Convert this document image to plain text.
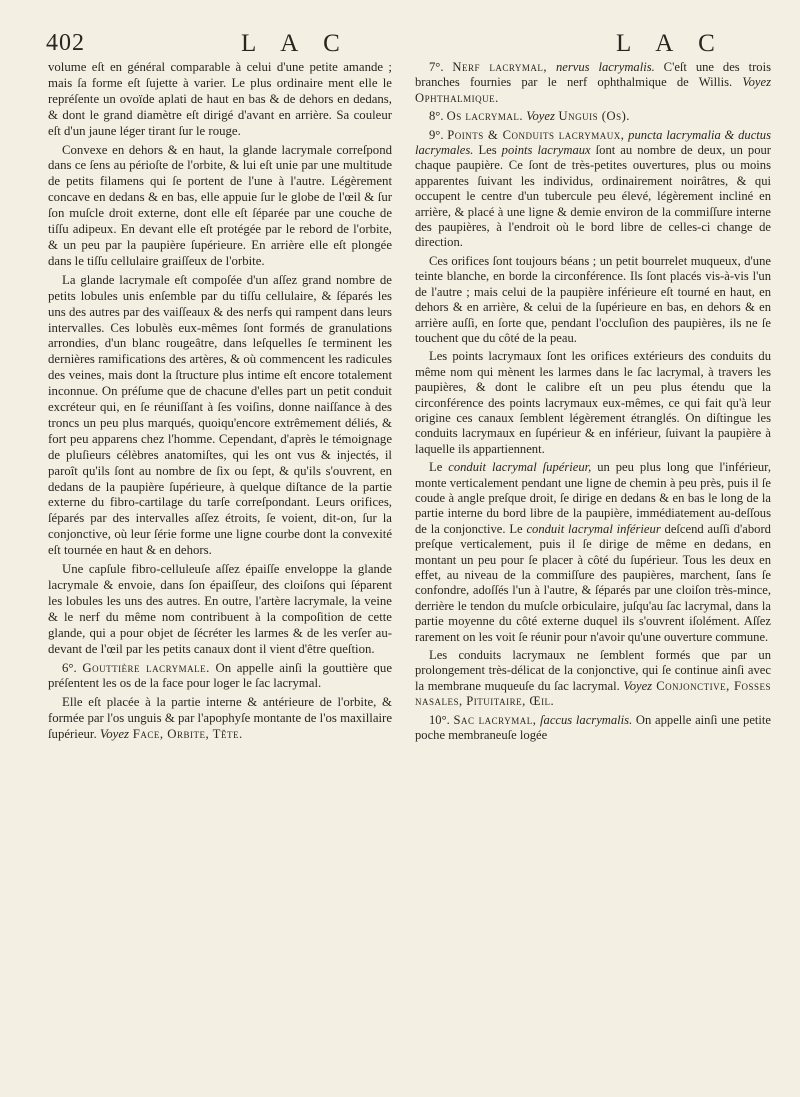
402	L A C	L A C

volume eſt en général comparable à celui d'une petite amande ; mais ſa forme eſt ſujette à varier. Le plus ordinaire ment elle le repréſente un ovoïde aplati de haut en bas & de dehors en dedans, & dont le grand diamètre eſt dirigé d'avant en arrière. Sa couleur eſt d'un jaune léger tirant ſur le rouge.

Convexe en dehors & en haut, la glande lacrymale correſpond dans ce ſens au périoſte de l'orbite, & lui eſt unie par une multitude de petits filamens qui ſe portent de l'une à l'autre. Légèrement concave en dedans & en bas, elle appuie ſur le globe de l'œil & ſur ſon muſcle droit externe, dont elle eſt ſéparée par une couche de tiſſu adipeux. En devant elle eſt protégée par le rebord de l'orbite, & un peu par la paupière ſupérieure. En arrière elle eſt plongée dans le tiſſu cellulaire graiſſeux de l'orbite.

La glande lacrymale eſt compoſée d'un aſſez grand nombre de petits lobules unis enſemble par du tiſſu cellulaire, & ſéparés les uns des autres par des vaiſſeaux & des nerfs qui rampent dans leurs intervalles. Ces lobulès eux-mêmes ſont formés de granulations arrondies, d'un blanc rougeâtre, dans leſquelles ſe terminent les dernières ramifications des artères, & où commencent les radicules des veines, mais dont la ſtructure plus intime eſt encore totalement inconnue. On préſume que de chacune d'elles part un petit conduit excréteur qui, en ſe réuniſſant à ſes voiſins, donne naiſſance à des troncs un peu plus marqués, quoiqu'encore extrêmement déliés, & fort peu apparens chez l'homme. Cependant, d'après le témoignage de pluſieurs célèbres anatomiſtes, qui les ont vus & injectés, il paroît qu'ils ſont au nombre de ſix ou ſept, & qu'ils s'ouvrent, en dedans de la paupière ſupérieure, à quelque diſtance de la partie externe du fibro-cartilage du tarſe correſpondant. Leurs orifices, ſéparés par des intervalles aſſez étroits, ſe voient, dit-on, ſur la conjonctive, où leur ſérie forme une ligne courbe dont la convexité eſt tournée en haut & en dehors.

Une capſule fibro-celluleuſe aſſez épaiſſe enveloppe la glande lacrymale & envoie, dans ſon épaiſſeur, des cloiſons qui ſéparent les lobules les uns des autres. En outre, l'artère lacrymale, la veine & le nerf du même nom contribuent à la compoſition de cette glande, qui a pour objet de ſécréter les larmes & de les verſer au-devant de l'œil par les petits canaux dont il vient d'être queſtion.

6°. Gouttière lacrymale. On appelle ainſi la gouttière que préſentent les os de la face pour loger le ſac lacrymal.

Elle eſt placée à la partie interne & antérieure de l'orbite, & formée par l'os unguis & par l'apophyſe montante de l'os maxillaire ſupérieur. Voyez Face, Orbite, Tête.

7°. Nerf lacrymal, nervus lacrymalis. C'eſt une des trois branches fournies par le nerf ophthalmique de Willis. Voyez Ophthalmique.

8°. Os lacrymal. Voyez Unguis (Os).

9°. Points & Conduits lacrymaux, puncta lacrymalia & ductus lacrymales. Les points lacrymaux ſont au nombre de deux, un pour chaque paupière. Ce ſont de très-petites ouvertures, plus ou moins apparentes ſuivant les individus, ordinairement noirâtres, & qui occupent le centre d'un tubercule peu élevé, légèrement incliné en arrière, & placé à une ligne & demie environ de la commiſſure interne des paupières, à l'endroit où le bord libre de celles-ci change de direction.

Ces orifices ſont toujours béans ; un petit bourrelet muqueux, d'une teinte blanche, en borde la circonférence. Ils ſont placés vis-à-vis l'un de l'autre ; mais celui de la paupière inférieure eſt tourné en haut, en dehors & en arrière, & celui de la ſupérieure en bas, en dehors & en arrière auſſi, en ſorte que, pendant l'occluſion des paupières, ils ne ſe touchent que du côté de la peau.

Les points lacrymaux ſont les orifices extérieurs des conduits du même nom qui mènent les larmes dans le ſac lacrymal, à travers les paupières, & dont le calibre eſt un peu plus étendu que la circonférence des points lacrymaux eux-mêmes, ce qui fait qu'à leur origine ces canaux ſemblent légèrement étranglés. On diſtingue les conduits lacrymaux en ſupérieur & en inférieur, ſuivant la paupière à laquelle ils appartiennent.

Le conduit lacrymal ſupérieur, un peu plus long que l'inférieur, monte verticalement pendant une ligne de chemin à peu près, puis il ſe coude à angle preſque droit, ſe dirige en dedans & en bas le long de la partie interne du bord libre de la paupière, immédiatement au-deſſous de la conjonctive. Le conduit lacrymal inférieur deſcend auſſi d'abord preſque verticalement, puis il ſe dirige de même en dedans, en montant un peu pour ſe placer à côté du ſupérieur. Tous les deux en effet, au niveau de la commiſſure des paupières, marchent, ſans ſe confondre, adoſſés l'un à l'autre, & ſéparés par une cloiſon très-mince, derrière le tendon du muſcle orbiculaire, juſqu'au ſac lacrymal, dans la partie moyenne du côté externe duquel ils s'ouvrent iſolément. Aſſez rarement on les voit ſe réunir pour n'avoir qu'une ouverture commune.

Les conduits lacrymaux ne ſemblent formés que par un prolongement très-délicat de la conjonctive, qui ſe continue ainſi avec la membrane muqueuſe du ſac lacrymal. Voyez Conjonctive, Fosses nasales, Pituitaire, Œil.

10°. Sac lacrymal, ſaccus lacrymalis. On appelle ainſi une petite poche membraneuſe logée
